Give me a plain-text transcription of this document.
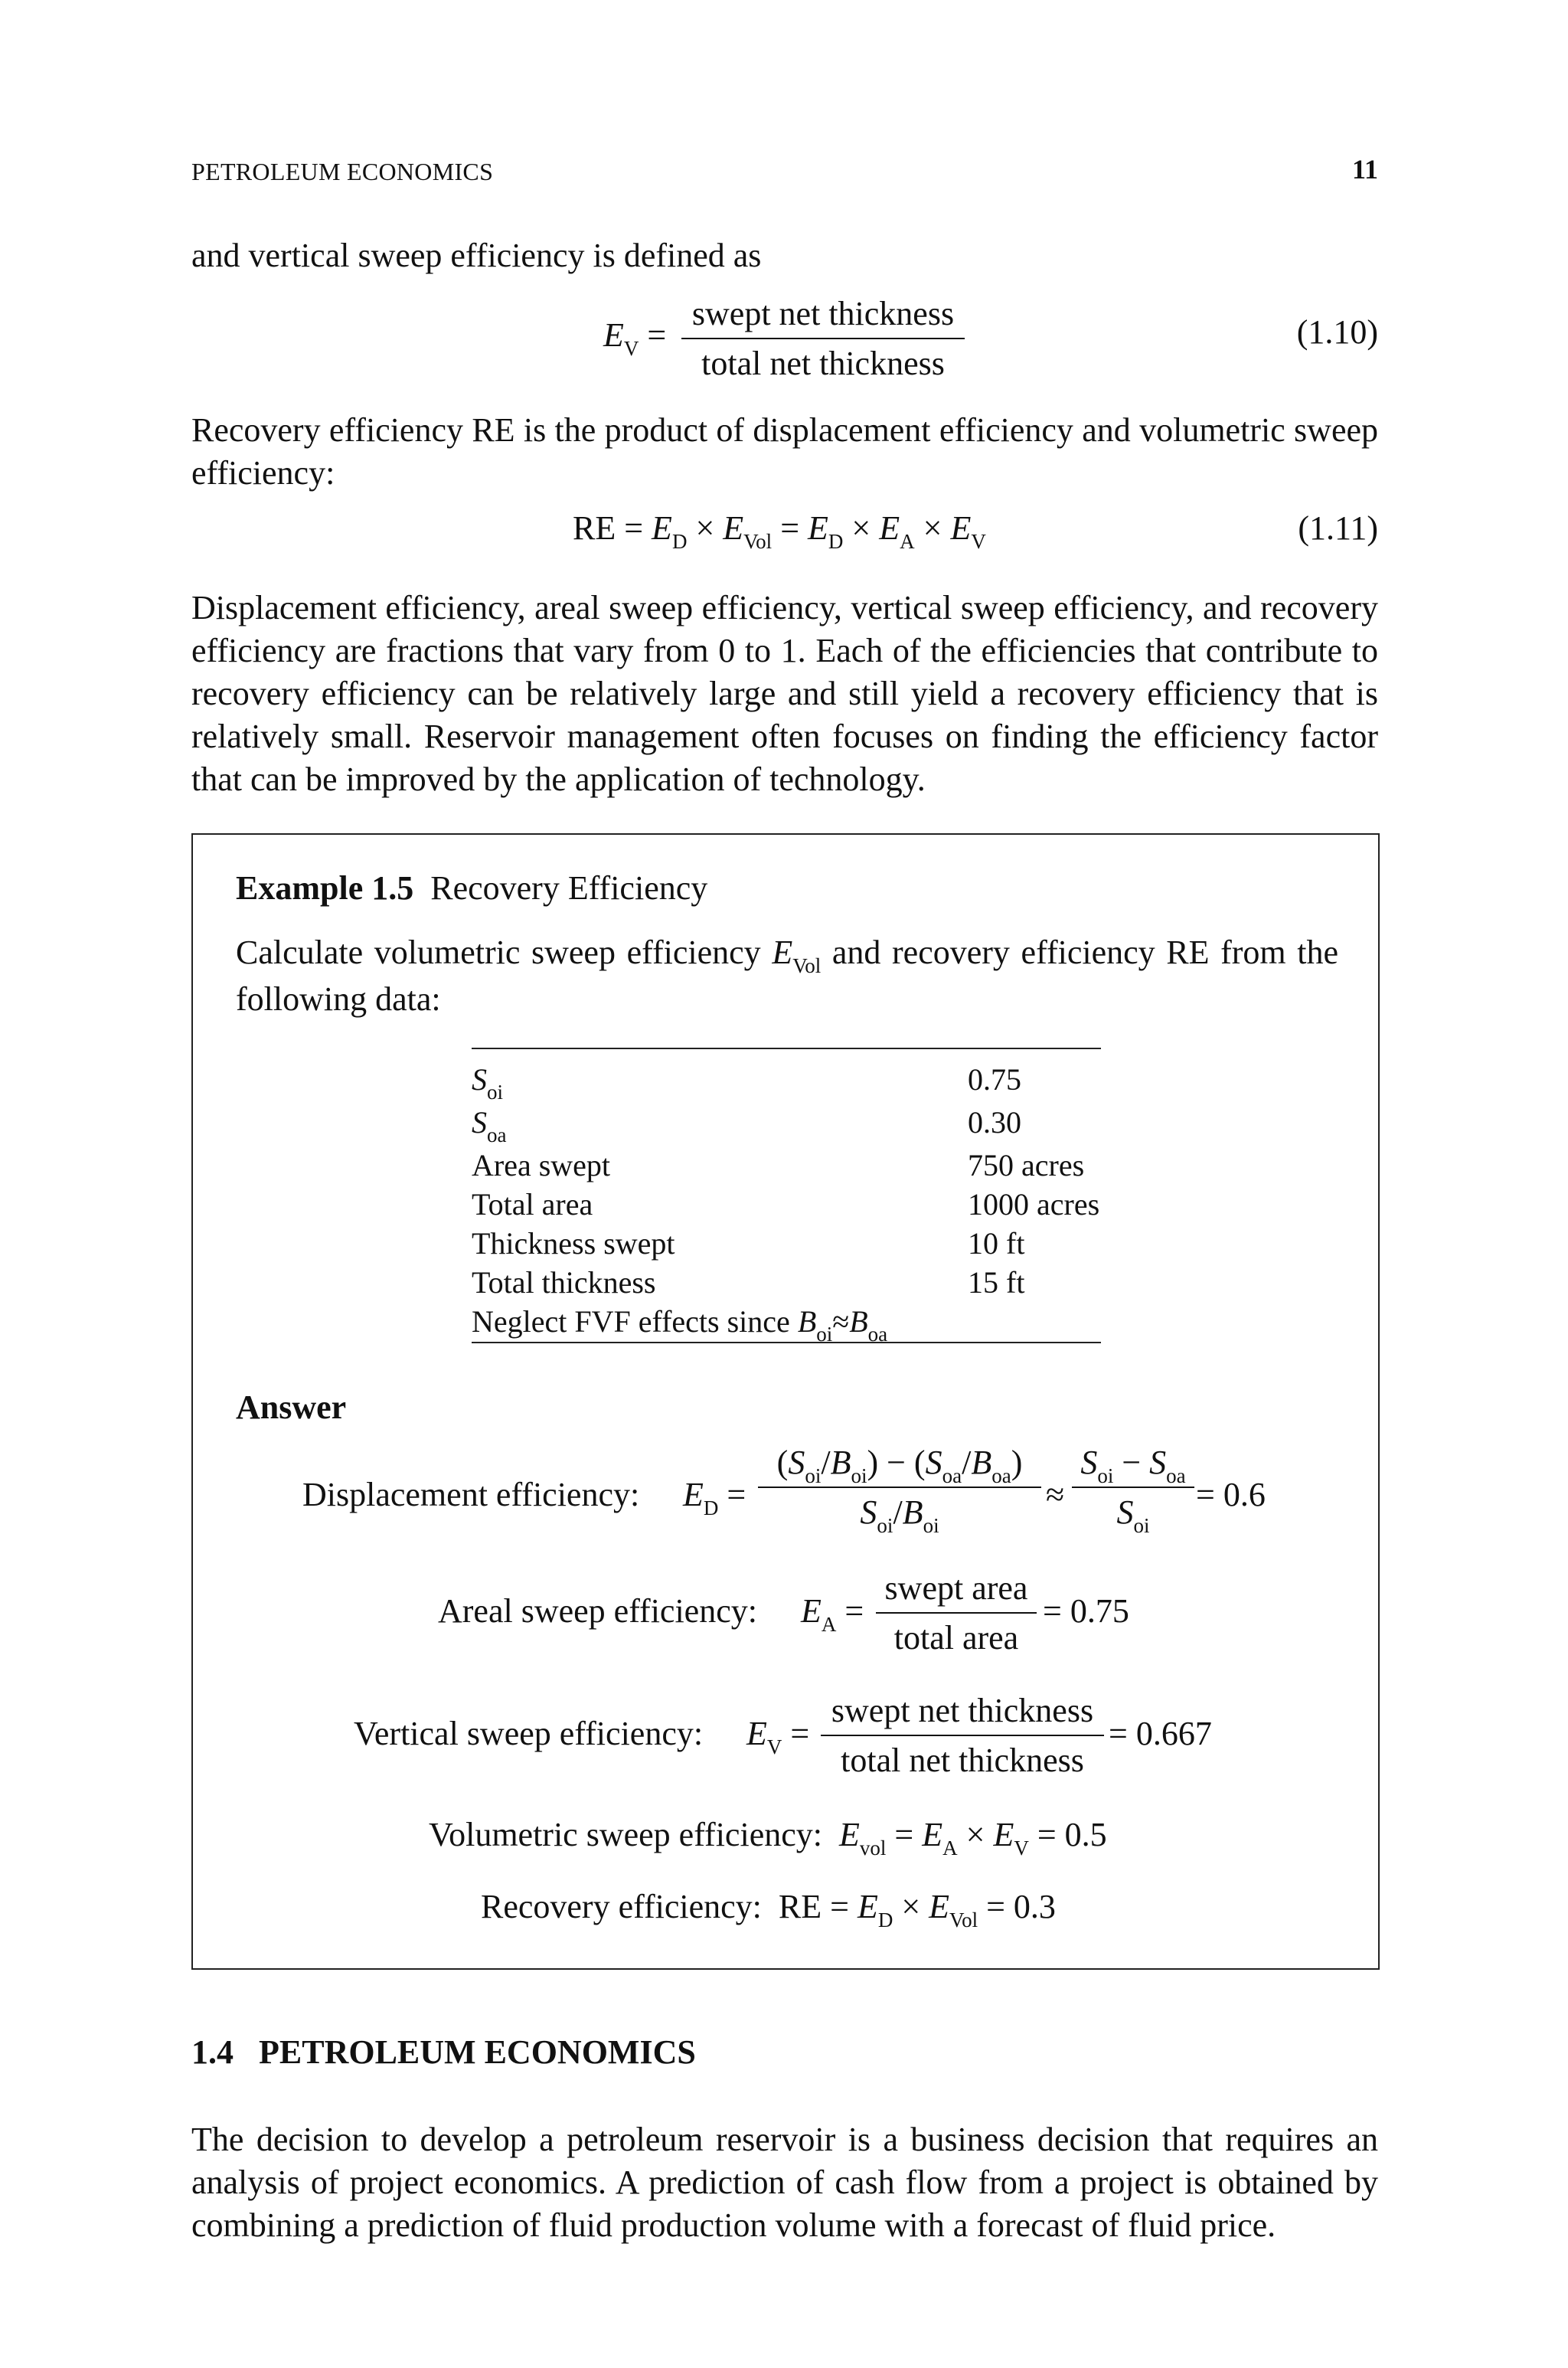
PETROLEUM ECONOMICS	11
and vertical sweep efficiency is defined as
$E_V$ =
swept net thickness
total net thickness
(1.10)
Recovery efficiency RE is the product of displacement efficiency and volumetric sweep efficiency:
RE = $E_D \times E_{Vol} = E_D \times E_A \times E_V$	(1.11)
Displacement efficiency, areal sweep efficiency, vertical sweep efficiency, and recovery efficiency are fractions that vary from 0 to 1. Each of the efficiencies that contribute to recovery efficiency can be relatively large and still yield a recovery efficiency that is relatively small. Reservoir management often focuses on finding the efficiency factor that can be improved by the application of technology.
Example 1.5 Recovery Efficiency
Calculate volumetric sweep efficiency $E_{Vol}$ and recovery efficiency RE from the following data:
$S_{oi}$	0.75
$S_{oa}$	0.30
Area swept	750 acres
Total area	1000 acres
Thickness swept	10 ft
Total thickness	15 ft
Neglect FVF effects since $B_{oi}\approx B_{oa}$
Answer
Displacement efficiency: $E_D$ =
$(S_{oi}/B_{oi}) - (S_{oa}/B_{oa})$
$S_{oi}/B_{oi}$
≈
$S_{oi} - S_{oa}$
$S_{oi}$
= 0.6
Areal sweep efficiency: $E_A$ =
swept area
total area
= 0.75
Vertical sweep efficiency: $E_V$ =
swept net thickness
total net thickness
= 0.667
Volumetric sweep efficiency: $E_{vol} = E_A \times E_V = 0.5$
Recovery efficiency:  RE = $E_D \times E_{Vol} = 0.3$
1.4 PETROLEUM ECONOMICS
The decision to develop a petroleum reservoir is a business decision that requires an analysis of project economics. A prediction of cash flow from a project is obtained by combining a prediction of fluid production volume with a forecast of fluid price.
